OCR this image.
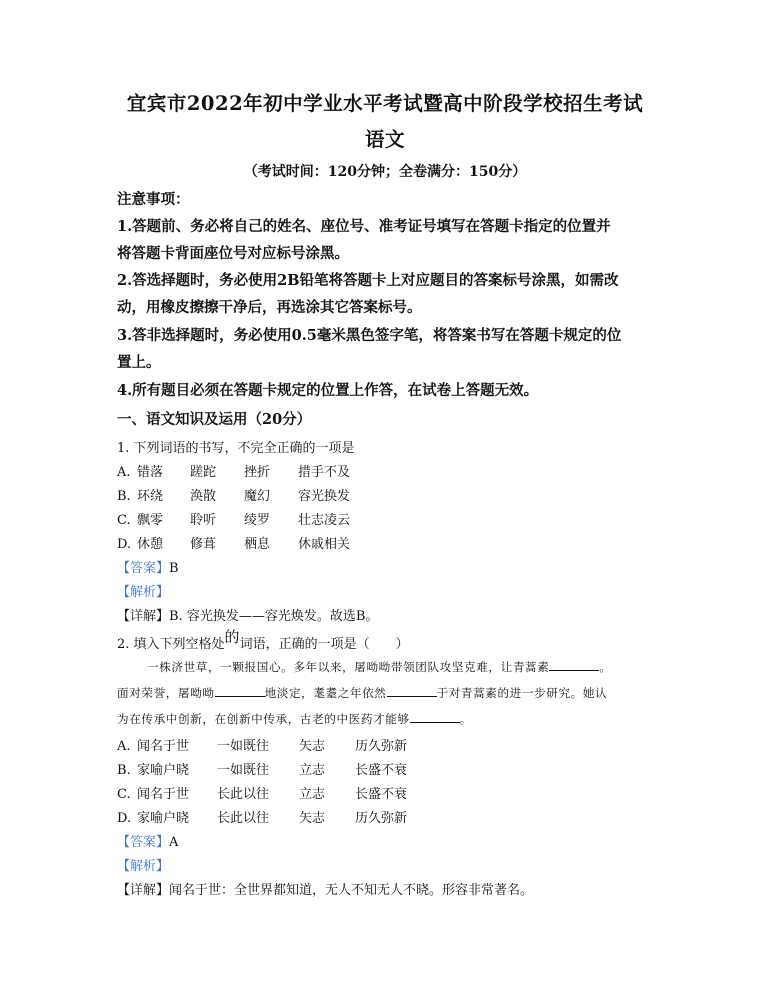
宜宾市2022年初中学业水平考试暨高中阶段学校招生考试
语文
（考试时间：120分钟；全卷满分：150分）
注意事项：
1.答题前、务必将自己的姓名、座位号、准考证号填写在答题卡指定的位置并
将答题卡背面座位号对应标号涂黑。
2.答选择题时，务必使用2B铅笔将答题卡上对应题目的答案标号涂黑，如需改
动，用橡皮擦擦干净后，再选涂其它答案标号。
3.答非选择题时，务必使用0.5毫米黑色签字笔，将答案书写在答题卡规定的位
置上。
4.所有题目必须在答题卡规定的位置上作答，在试卷上答题无效。
一、语文知识及运用（20分）
1. 下列词语的书写，不完全正确的一项是
A. 错落 蹉跎 挫折 措手不及
B. 环绕 涣散 魔幻 容光换发
C. 飘零 聆听 绫罗 壮志凌云
D. 休憩 修葺 栖息 休戚相关
【答案】B
【解析】
【详解】B. 容光换发——容光焕发。故选B。
2. 填入下列空格处的词语，正确的一项是（　　）
一株济世草，一颗报国心。多年以来，屠呦呦带领团队攻坚克难，让青蒿素	。
面对荣誉，屠呦呦	地淡定，耄耋之年依然	于对青蒿素的进一步研究。她认
为在传承中创新，在创新中传承，古老的中医药才能够	。
A. 闻名于世 一如既往 矢志 历久弥新
B. 家喻户晓 一如既往 立志 长盛不衰
C. 闻名于世 长此以往 立志 长盛不衰
D. 家喻户晓 长此以往 矢志 历久弥新
【答案】A
【解析】
【详解】闻名于世：全世界都知道，无人不知无人不晓。形容非常著名。
